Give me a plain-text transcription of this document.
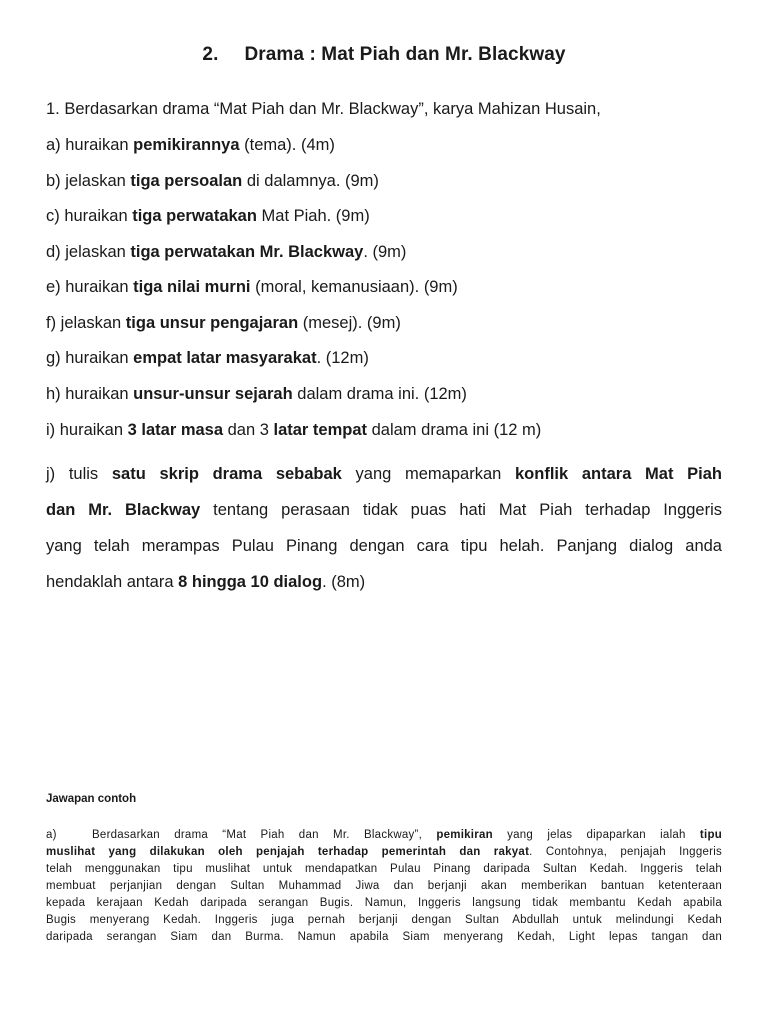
2. Drama : Mat Piah dan Mr. Blackway
1. Berdasarkan drama “Mat Piah dan Mr. Blackway”, karya Mahizan Husain,
a) huraikan pemikirannya (tema). (4m)
b) jelaskan tiga persoalan di dalamnya. (9m)
c) huraikan tiga perwatakan Mat Piah. (9m)
d) jelaskan tiga perwatakan Mr. Blackway. (9m)
e) huraikan tiga nilai murni (moral, kemanusiaan). (9m)
f) jelaskan tiga unsur pengajaran (mesej). (9m)
g) huraikan empat latar masyarakat. (12m)
h) huraikan unsur-unsur sejarah dalam drama ini. (12m)
i) huraikan 3 latar masa dan 3 latar tempat dalam drama ini (12 m)
j) tulis satu skrip drama sebabak yang memaparkan konflik antara Mat Piah
dan Mr. Blackway tentang perasaan tidak puas hati Mat Piah terhadap Inggeris
yang telah merampas Pulau Pinang dengan cara tipu helah. Panjang dialog anda
hendaklah antara 8 hingga 10 dialog. (8m)
Jawapan contoh
a)	Berdasarkan drama “Mat Piah dan Mr. Blackway”, pemikiran yang jelas dipaparkan ialah tipu
muslihat yang dilakukan oleh penjajah terhadap pemerintah dan rakyat. Contohnya, penjajah Inggeris
telah menggunakan tipu muslihat untuk mendapatkan Pulau Pinang daripada Sultan Kedah. Inggeris telah
membuat perjanjian dengan Sultan Muhammad Jiwa dan berjanji akan memberikan bantuan ketenteraan
kepada kerajaan Kedah daripada serangan Bugis. Namun, Inggeris langsung tidak membantu Kedah apabila
Bugis menyerang Kedah. Inggeris juga pernah berjanji dengan Sultan Abdullah untuk melindungi Kedah
daripada serangan Siam dan Burma. Namun apabila Siam menyerang Kedah, Light lepas tangan dan
